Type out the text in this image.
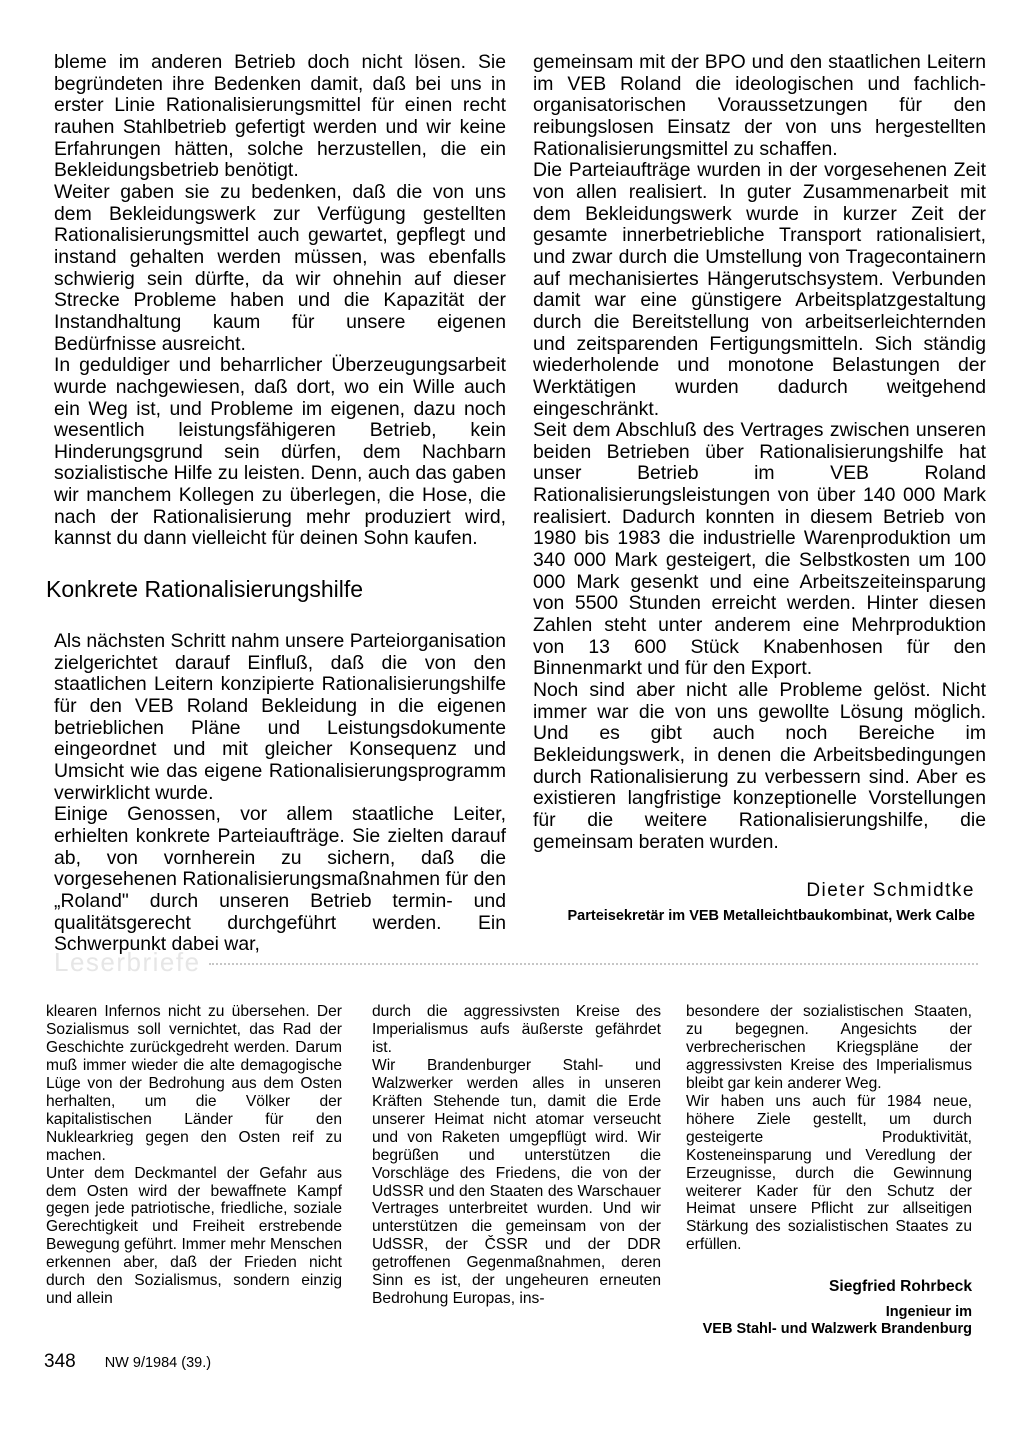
bleme im anderen Betrieb doch nicht lösen. Sie begründeten ihre Bedenken damit, daß bei uns in erster Linie Rationalisierungsmittel für einen recht rauhen Stahlbetrieb gefertigt werden und wir keine Erfahrungen hätten, solche herzustellen, die ein Bekleidungsbetrieb benötigt.

Weiter gaben sie zu bedenken, daß die von uns dem Bekleidungswerk zur Verfügung gestellten Rationalisierungsmittel auch gewartet, gepflegt und instand gehalten werden müssen, was ebenfalls schwierig sein dürfte, da wir ohnehin auf dieser Strecke Probleme haben und die Kapazität der Instandhaltung kaum für unsere eigenen Bedürfnisse ausreicht.

In geduldiger und beharrlicher Überzeugungsarbeit wurde nachgewiesen, daß dort, wo ein Wille auch ein Weg ist, und Probleme im eigenen, dazu noch wesentlich leistungsfähigeren Betrieb, kein Hinderungsgrund sein dürfen, dem Nachbarn sozialistische Hilfe zu leisten. Denn, auch das gaben wir manchem Kollegen zu überlegen, die Hose, die nach der Rationalisierung mehr produziert wird, kannst du dann vielleicht für deinen Sohn kaufen.

Konkrete Rationalisierungshilfe

Als nächsten Schritt nahm unsere Parteiorganisation zielgerichtet darauf Einfluß, daß die von den staatlichen Leitern konzipierte Rationalisierungshilfe für den VEB Roland Bekleidung in die eigenen betrieblichen Pläne und Leistungsdokumente eingeordnet und mit gleicher Konsequenz und Umsicht wie das eigene Rationalisierungsprogramm verwirklicht wurde.

Einige Genossen, vor allem staatliche Leiter, erhielten konkrete Parteiaufträge. Sie zielten darauf ab, von vornherein zu sichern, daß die vorgesehenen Rationalisierungsmaßnahmen für den „Roland" durch unseren Betrieb termin- und qualitätsgerecht durchgeführt werden. Ein Schwerpunkt dabei war,

gemeinsam mit der BPO und den staatlichen Leitern im VEB Roland die ideologischen und fachlich-organisatorischen Voraussetzungen für den reibungslosen Einsatz der von uns hergestellten Rationalisierungsmittel zu schaffen.

Die Parteiaufträge wurden in der vorgesehenen Zeit von allen realisiert. In guter Zusammenarbeit mit dem Bekleidungswerk wurde in kurzer Zeit der gesamte innerbetriebliche Transport rationalisiert, und zwar durch die Umstellung von Tragecontainern auf mechanisiertes Hängerutschsystem. Verbunden damit war eine günstigere Arbeitsplatzgestaltung durch die Bereitstellung von arbeitserleichternden und zeitsparenden Fertigungsmitteln. Sich ständig wiederholende und monotone Belastungen der Werktätigen wurden dadurch weitgehend eingeschränkt.

Seit dem Abschluß des Vertrages zwischen unseren beiden Betrieben über Rationalisierungshilfe hat unser Betrieb im VEB Roland Rationalisierungsleistungen von über 140 000 Mark realisiert. Dadurch konnten in diesem Betrieb von 1980 bis 1983 die industrielle Warenproduktion um 340 000 Mark gesteigert, die Selbstkosten um 100 000 Mark gesenkt und eine Arbeitszeiteinsparung von 5500 Stunden erreicht werden. Hinter diesen Zahlen steht unter anderem eine Mehrproduktion von 13 600 Stück Knabenhosen für den Binnenmarkt und für den Export.

Noch sind aber nicht alle Probleme gelöst. Nicht immer war die von uns gewollte Lösung möglich. Und es gibt auch noch Bereiche im Bekleidungswerk, in denen die Arbeitsbedingungen durch Rationalisierung zu verbessern sind. Aber es existieren langfristige konzeptionelle Vorstellungen für die weitere Rationalisierungshilfe, die gemeinsam beraten wurden.

Dieter Schmidtke
Parteisekretär im VEB Metalleichtbaukombinat, Werk Calbe
Leserbriefe

klearen Infernos nicht zu übersehen. Der Sozialismus soll vernichtet, das Rad der Geschichte zurückgedreht werden. Darum muß immer wieder die alte demagogische Lüge von der Bedrohung aus dem Osten herhalten, um die Völker der kapitalistischen Länder für den Nuklearkrieg gegen den Osten reif zu machen.

Unter dem Deckmantel der Gefahr aus dem Osten wird der bewaffnete Kampf gegen jede patriotische, friedliche, soziale Gerechtigkeit und Freiheit erstrebende Bewegung geführt. Immer mehr Menschen erkennen aber, daß der Frieden nicht durch den Sozialismus, sondern einzig und allein

durch die aggressivsten Kreise des Imperialismus aufs äußerste gefährdet ist.

Wir Brandenburger Stahl- und Walzwerker werden alles in unseren Kräften Stehende tun, damit die Erde unserer Heimat nicht atomar verseucht und von Raketen umgepflügt wird. Wir begrüßen und unterstützen die Vorschläge des Friedens, die von der UdSSR und den Staaten des Warschauer Vertrages unterbreitet wurden. Und wir unterstützen die gemeinsam von der UdSSR, der ČSSR und der DDR getroffenen Gegenmaßnahmen, deren Sinn es ist, der ungeheuren erneuten Bedrohung Europas, ins-

besondere der sozialistischen Staaten, zu begegnen. Angesichts der verbrecherischen Kriegspläne der aggressivsten Kreise des Imperialismus bleibt gar kein anderer Weg.

Wir haben uns auch für 1984 neue, höhere Ziele gestellt, um durch gesteigerte Produktivität, Kosteneinsparung und Veredlung der Erzeugnisse, durch die Gewinnung weiterer Kader für den Schutz der Heimat unsere Pflicht zur allseitigen Stärkung des sozialistischen Staates zu erfüllen.

Siegfried Rohrbeck
Ingenieur im
VEB Stahl- und Walzwerk Brandenburg
348 NW 9/1984 (39.)
